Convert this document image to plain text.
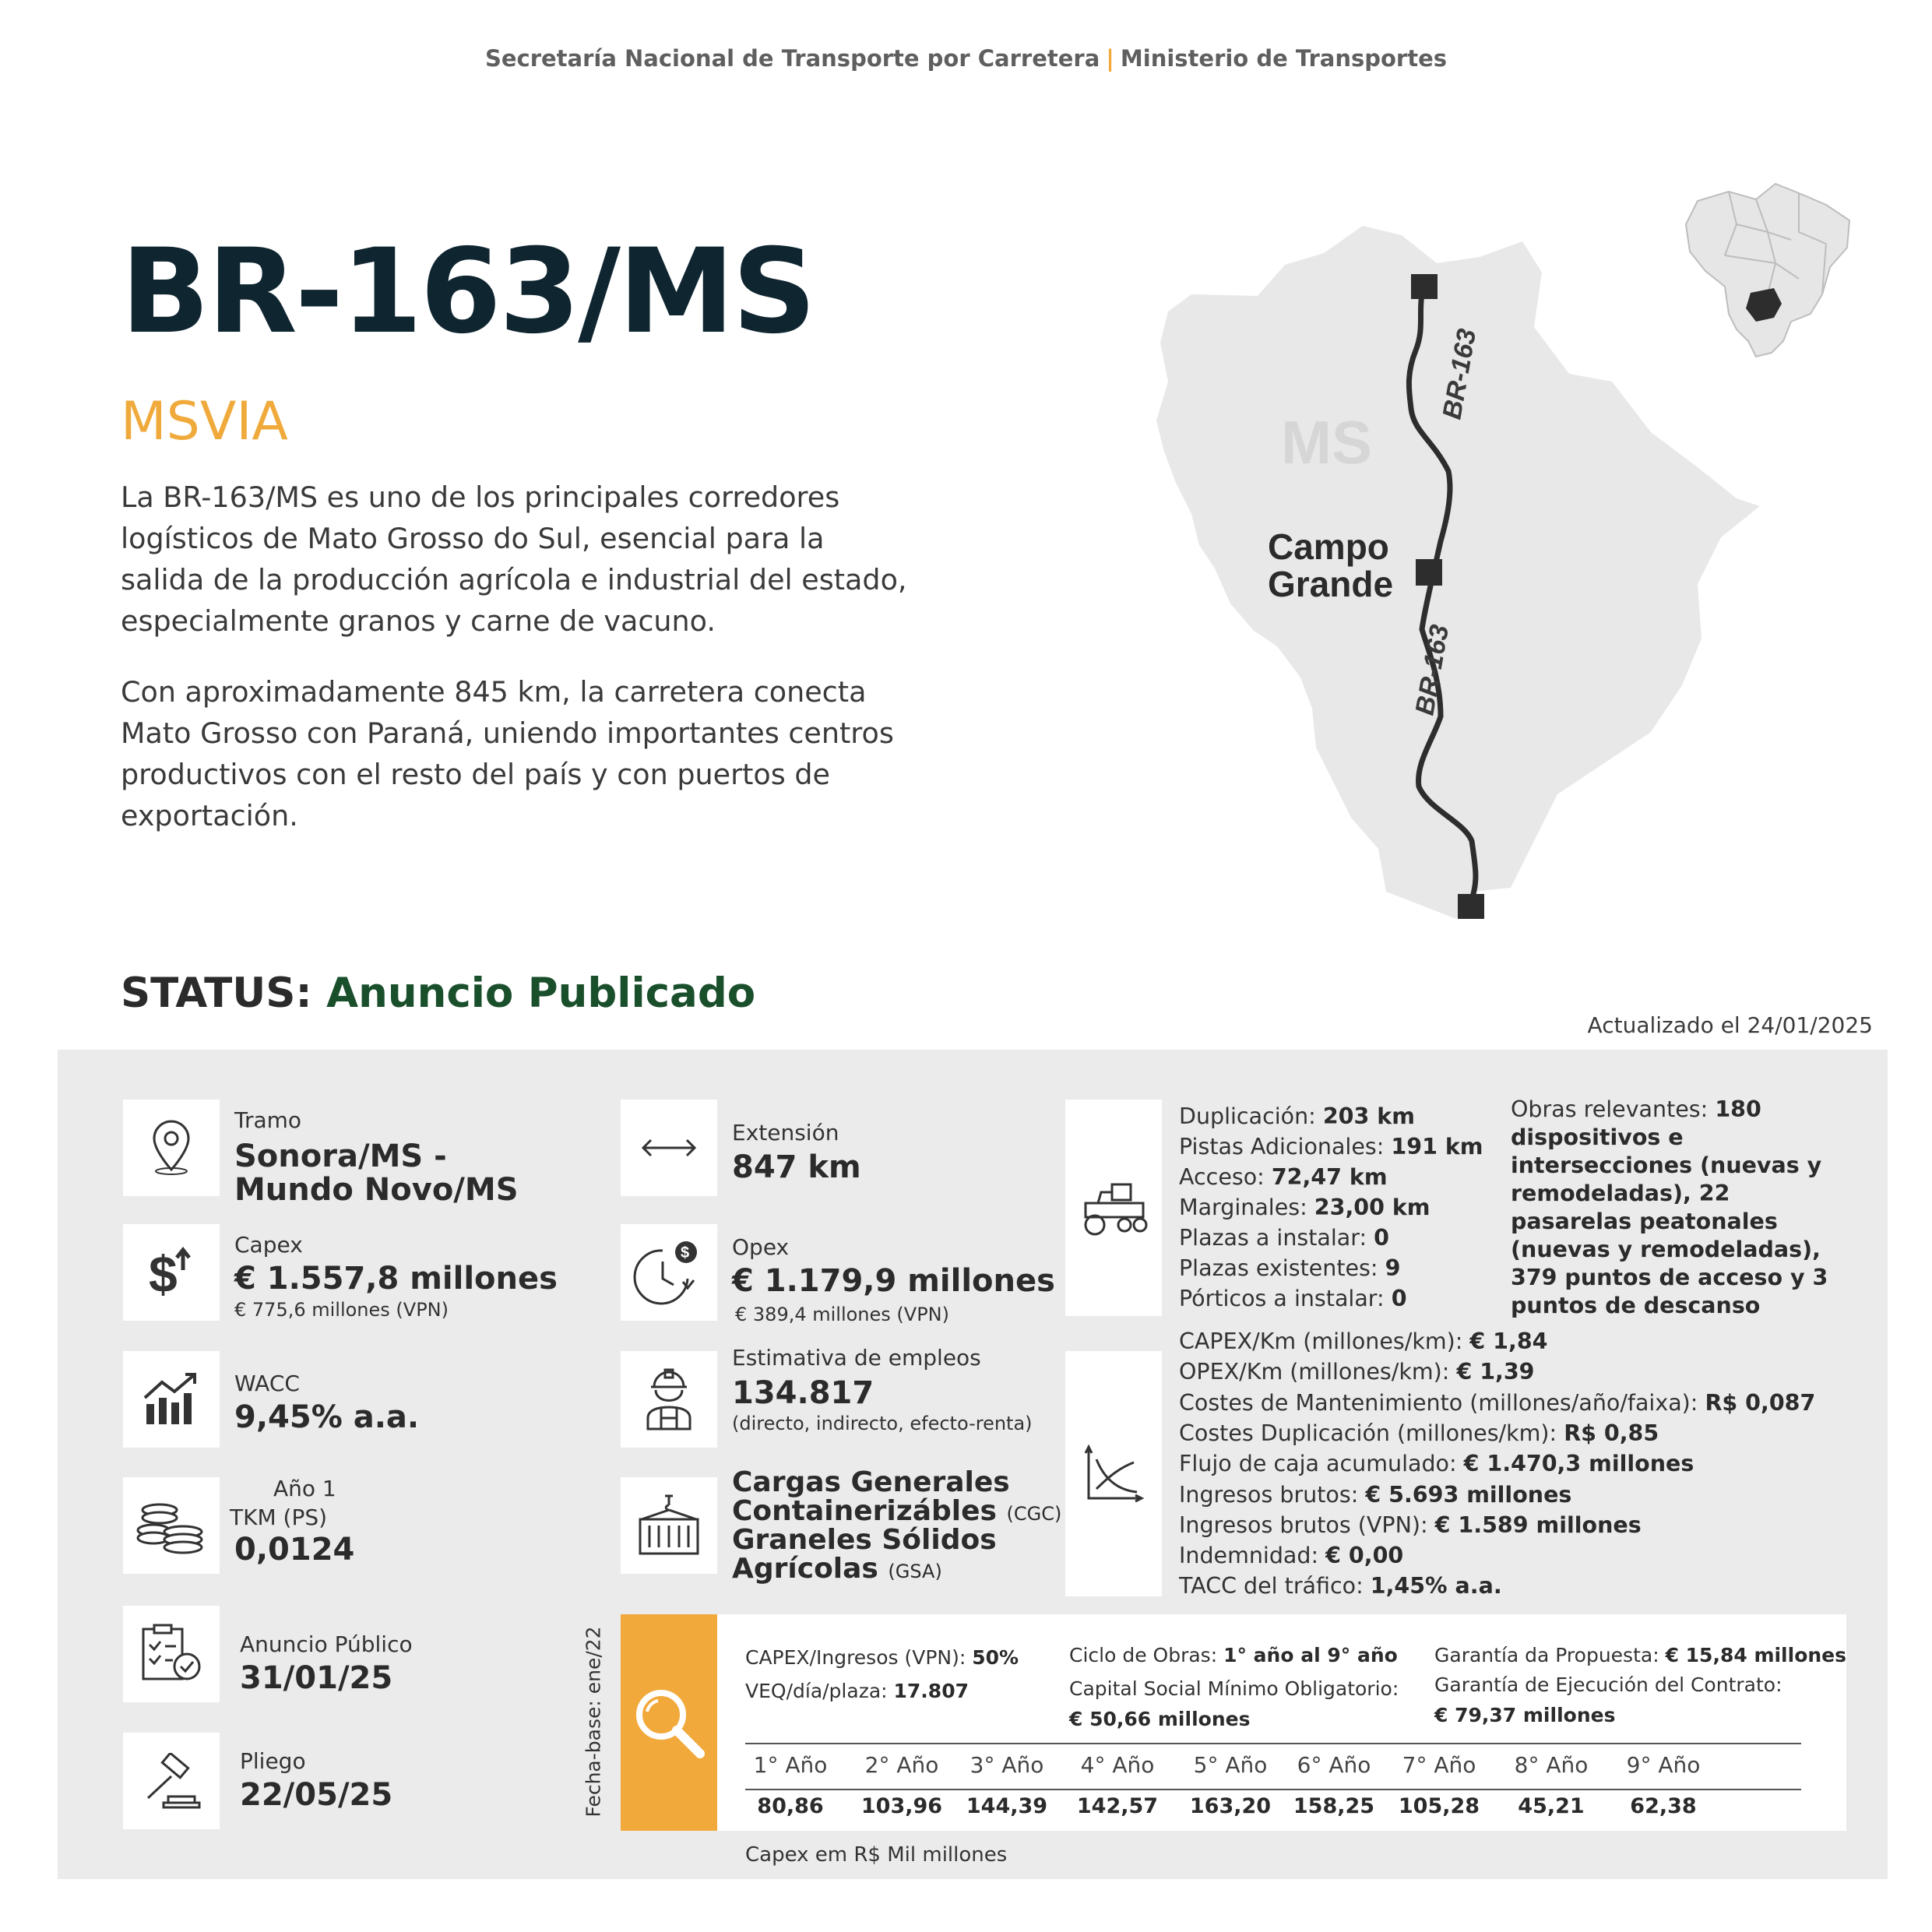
Secretaría Nacional de Transporte por Carretera | Ministerio de Transportes
BR-163/MS
MSVIA

La BR-163/MS es uno de los principales corredores logísticos de Mato Grosso do Sul, esencial para la salida de la producción agrícola e industrial del estado, especialmente granos y carne de vacuno.

Con aproximadamente 845 km, la carretera conecta Mato Grosso con Paraná, uniendo importantes centros productivos con el resto del país y con puertos de exportación.

MS
BR-163
BR-163
Campo
Grande
STATUS: Anuncio Publicado
Actualizado el 24/01/2025
Tramo
Sonora/MS -
Mundo Novo/MS
$
Capex
€ 1.557,8 millones
€ 775,6 millones (VPN)
WACC
9,45% a.a.
Año 1
TKM (PS)
0,0124
Anuncio Público
31/01/25
Pliego
22/05/25
Extensión
847 km
$ Opex
€ 1.179,9 millones
€ 389,4 millones (VPN)
Estimativa de empleos
134.817
(directo, indirecto, efecto-renta)
Cargas Generales
Containerizábles (CGC)
Graneles Sólidos
Agrícolas (GSA)
Duplicación: 203 km
Pistas Adicionales: 191 km
Acceso: 72,47 km
Marginales: 23,00 km
Plazas a instalar: 0
Plazas existentes: 9
Pórticos a instalar: 0
Obras relevantes: 180 dispositivos e intersecciones (nuevas y remodeladas), 22 pasarelas peatonales (nuevas y remodeladas), 379 puntos de acceso y 3 puntos de descanso
CAPEX/Km (millones/km): € 1,84
OPEX/Km (millones/km): € 1,39
Costes de Mantenimiento (millones/año/faixa): R$ 0,087
Costes Duplicación (millones/km): R$ 0,85
Flujo de caja acumulado: € 1.470,3 millones
Ingresos brutos: € 5.693 millones
Ingresos brutos (VPN): € 1.589 millones
Indemnidad: € 0,00
TACC del tráfico: 1,45% a.a.
Fecha-base: ene/22	CAPEX/Ingresos (VPN): 50%
VEQ/día/plaza: 17.807
Ciclo de Obras: 1° año al 9° año
Capital Social Mínimo Obligatorio:
€ 50,66 millones
Garantía da Propuesta: € 15,84 millones
Garantía de Ejecución del Contrato:
€ 79,37 millones
1° Año	2° Año	3° Año	4° Año	5° Año	6° Año	7° Año	8° Año	9° Año
80,86	103,96	144,39	142,57	163,20	158,25	105,28	45,21	62,38
Capex em R$ Mil millones
